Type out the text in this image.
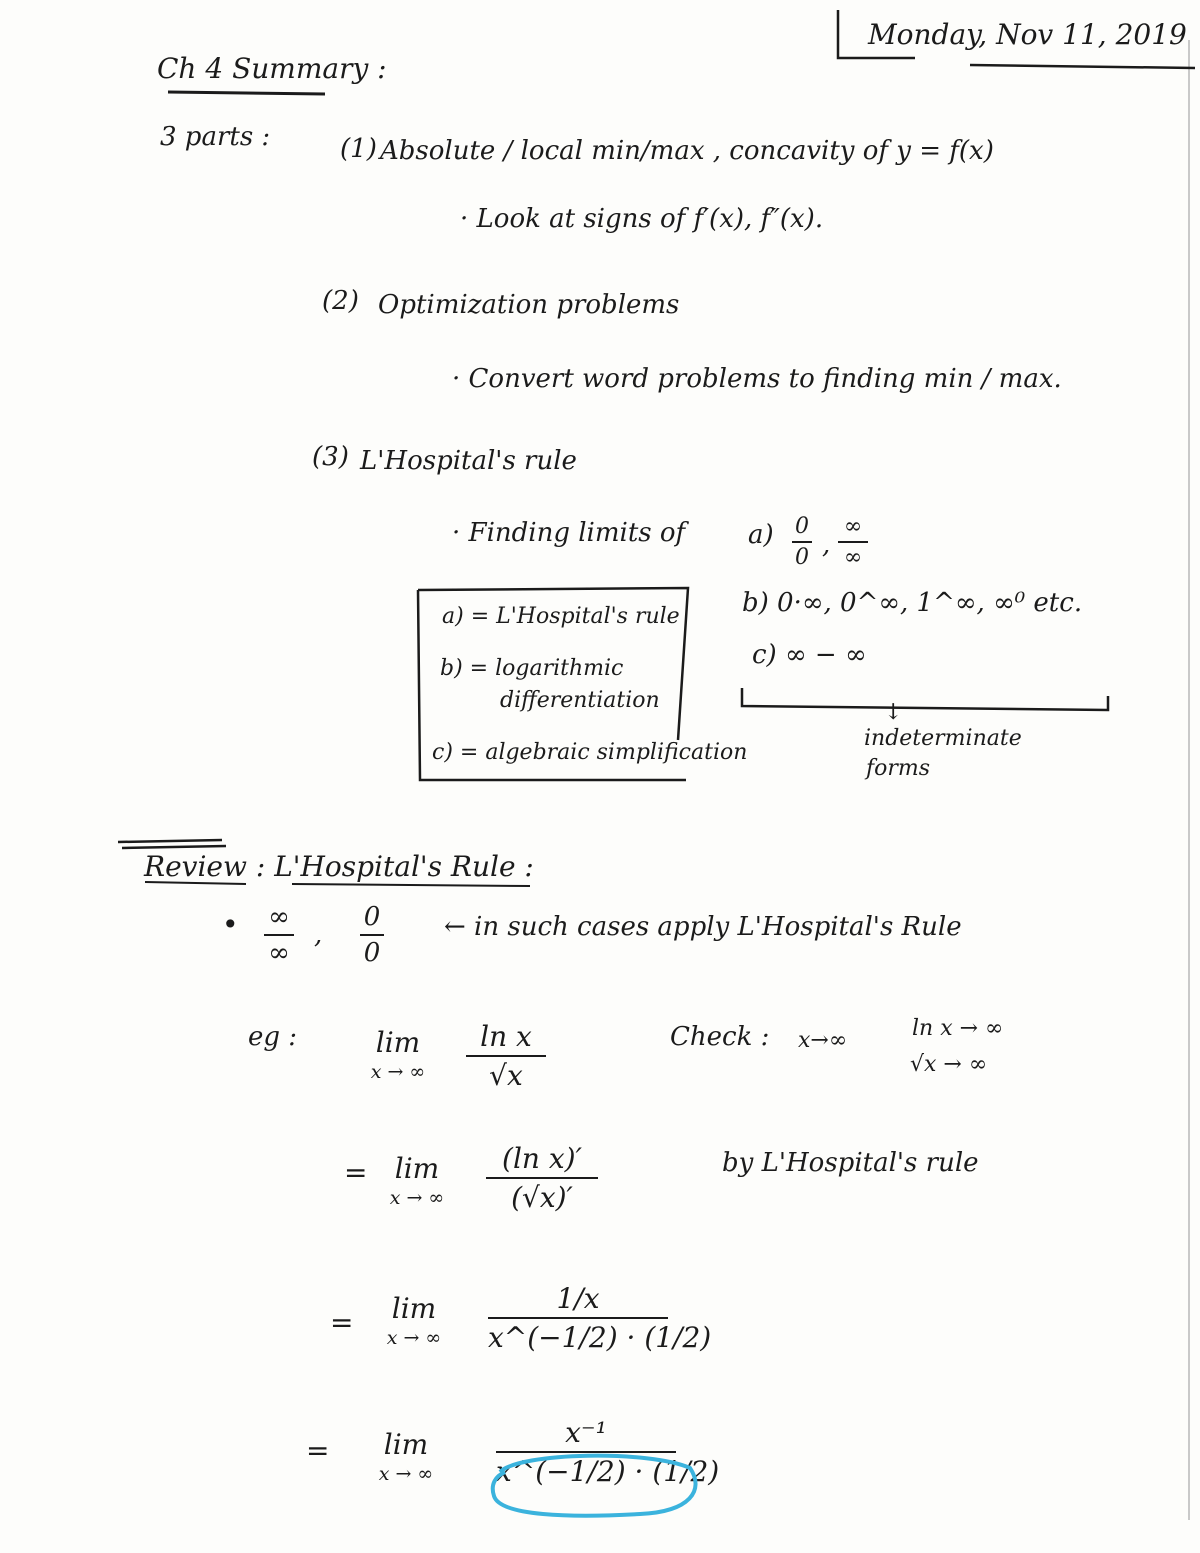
Ch 4 Summary :
Monday, Nov 11, 2019
3 parts :	(1) Absolute / local min/max , concavity of y = f(x)
· Look at signs of f′(x), f″(x).
(2) Optimization problems
· Convert word problems to finding min / max.
(3) L'Hospital's rule
· Finding limits of
a) = L'Hospital's rule
b) = logarithmic
differentiation
c) = algebraic simplification
a) 0
0 ,
∞
∞
b) 0·∞, 0^∞, 1^∞, ∞⁰ etc.
c) ∞ − ∞
↓
indeterminate
forms
Review : L'Hospital's Rule :
• ∞
∞
,
0
0
← in such cases apply L'Hospital's Rule
eg :	lim
x → ∞
ln x
√x
Check : x→∞	ln x → ∞
√x → ∞
= lim
x → ∞
(ln x)′
(√x)′
by L'Hospital's rule
=	lim
x → ∞
1/x
x^(−1/2) · (1/2)
=	lim
x → ∞
x⁻¹
x^(−1/2) · (1/2)
